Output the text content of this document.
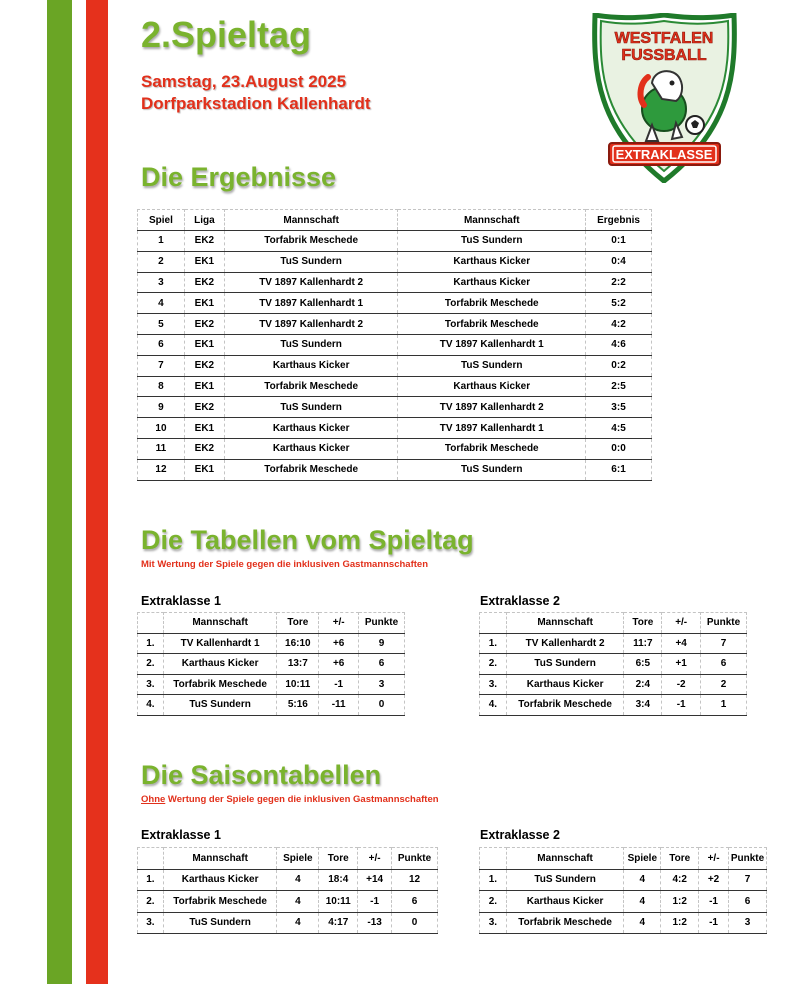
2.Spieltag

Samstag, 23.August 2025

Dorfparkstadion Kallenhardt

WESTFALEN
FUSSBALL
EXTRAKLASSE
Die Ergebnisse
Spiel	Liga	Mannschaft	Mannschaft	Ergebnis
1	EK2	Torfabrik Meschede	TuS Sundern	0:1
2	EK1	TuS Sundern	Karthaus Kicker	0:4
3	EK2	TV 1897 Kallenhardt 2	Karthaus Kicker	2:2
4	EK1	TV 1897 Kallenhardt 1	Torfabrik Meschede	5:2
5	EK2	TV 1897 Kallenhardt 2	Torfabrik Meschede	4:2
6	EK1	TuS Sundern	TV 1897 Kallenhardt 1	4:6
7	EK2	Karthaus Kicker	TuS Sundern	0:2
8	EK1	Torfabrik Meschede	Karthaus Kicker	2:5
9	EK2	TuS Sundern	TV 1897 Kallenhardt 2	3:5
10	EK1	Karthaus Kicker	TV 1897 Kallenhardt 1	4:5
11	EK2	Karthaus Kicker	Torfabrik Meschede	0:0
12	EK1	Torfabrik Meschede	TuS Sundern	6:1
Die Tabellen vom Spieltag

Mit Wertung der Spiele gegen die inklusiven Gastmannschaften

Extraklasse 1

	Mannschaft	Tore	+/-	Punkte
1.	TV Kallenhardt 1	16:10	+6	9
2.	Karthaus Kicker	13:7	+6	6
3.	Torfabrik Meschede	10:11	-1	3
4.	TuS Sundern	5:16	-11	0

Extraklasse 2

	Mannschaft	Tore	+/-	Punkte
1.	TV Kallenhardt 2	11:7	+4	7
2.	TuS Sundern	6:5	+1	6
3.	Karthaus Kicker	2:4	-2	2
4.	Torfabrik Meschede	3:4	-1	1
Die Saisontabellen

Ohne Wertung der Spiele gegen die inklusiven Gastmannschaften

Extraklasse 1

	Mannschaft	Spiele	Tore	+/-	Punkte
1.	Karthaus Kicker	4	18:4	+14	12
2.	Torfabrik Meschede	4	10:11	-1	6
3.	TuS Sundern	4	4:17	-13	0

Extraklasse 2

	Mannschaft	Spiele	Tore	+/-	Punkte
1.	TuS Sundern	4	4:2	+2	7
2.	Karthaus Kicker	4	1:2	-1	6
3.	Torfabrik Meschede	4	1:2	-1	3
